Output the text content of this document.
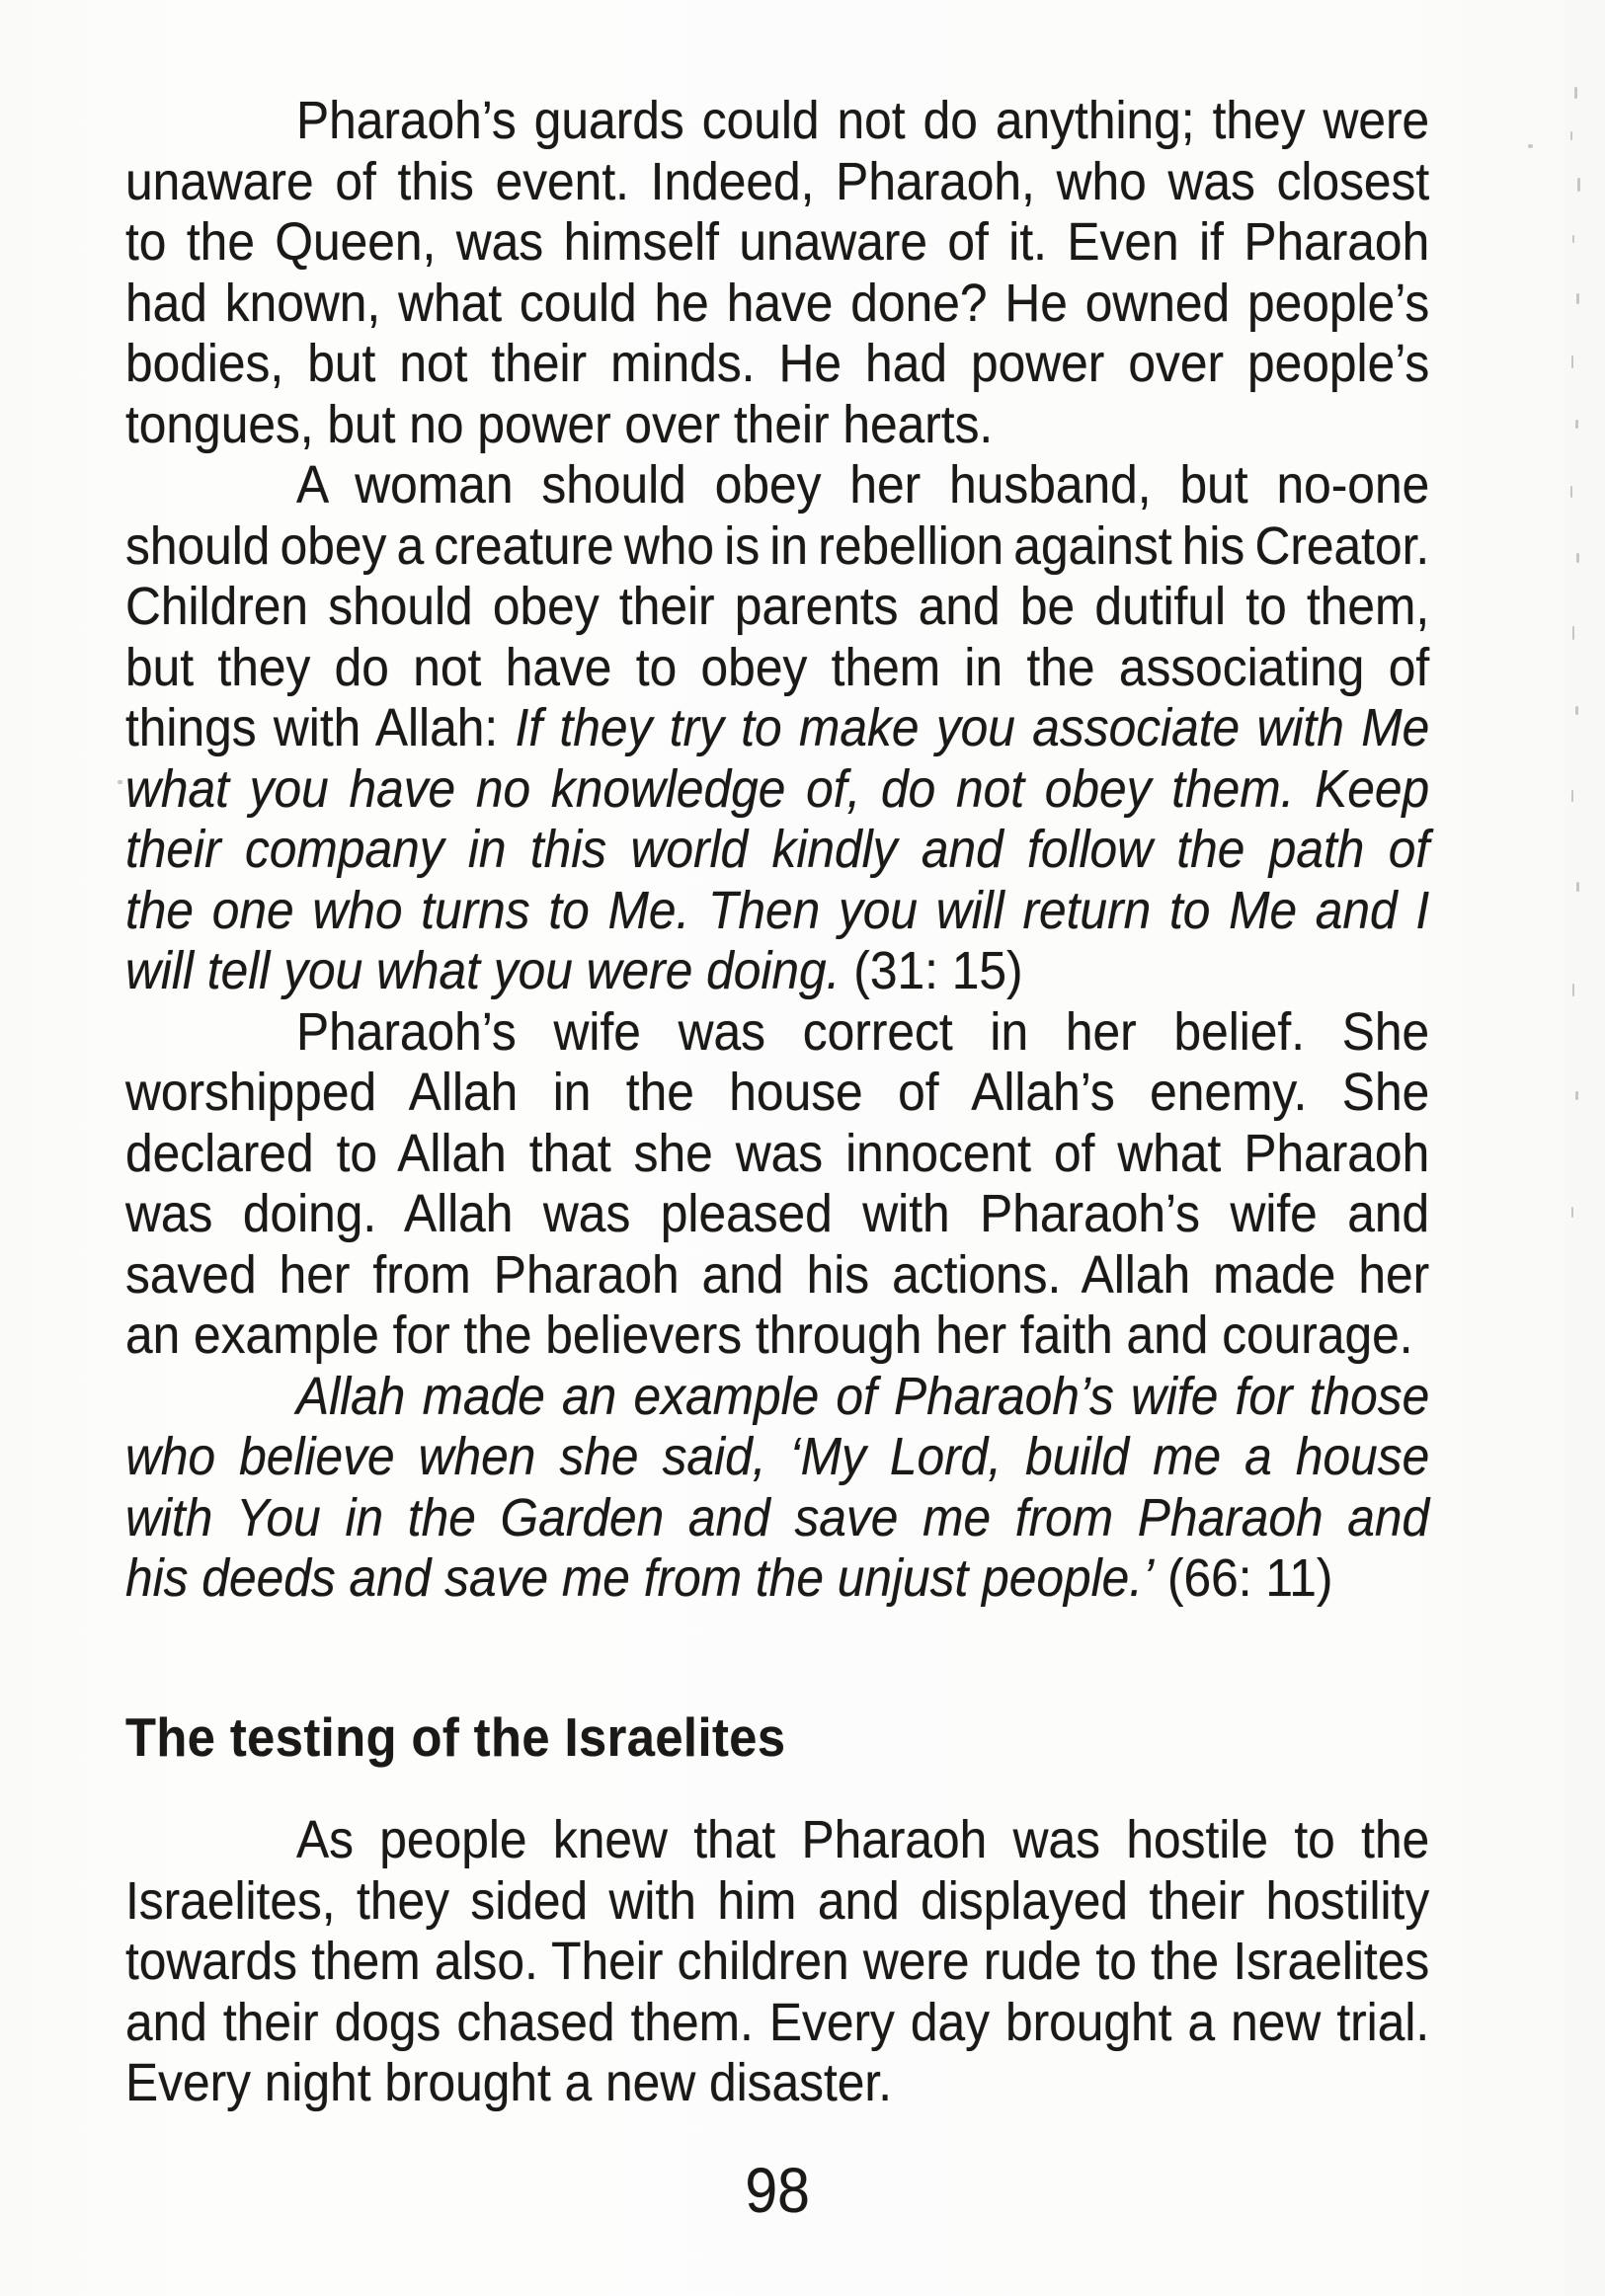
Pharaoh’s guards could not do anything; they were
unaware of this event. Indeed, Pharaoh, who was closest
to the Queen, was himself unaware of it. Even if Pharaoh
had known, what could he have done? He owned people’s
bodies, but not their minds. He had power over people’s
tongues, but no power over their hearts.
A woman should obey her husband, but no-one
should obey a creature who is in rebellion against his Creator.
Children should obey their parents and be dutiful to them,
but they do not have to obey them in the associating of
things with Allah: If they try to make you associate with Me
what you have no knowledge of, do not obey them. Keep
their company in this world kindly and follow the path of
the one who turns to Me. Then you will return to Me and I
will tell you what you were doing. (31: 15)
Pharaoh’s wife was correct in her belief. She
worshipped Allah in the house of Allah’s enemy. She
declared to Allah that she was innocent of what Pharaoh
was doing. Allah was pleased with Pharaoh’s wife and
saved her from Pharaoh and his actions. Allah made her
an example for the believers through her faith and courage.
Allah made an example of Pharaoh’s wife for those
who believe when she said, ‘My Lord, build me a house
with You in the Garden and save me from Pharaoh and
his deeds and save me from the unjust people.’ (66: 11)
The testing of the Israelites
As people knew that Pharaoh was hostile to the
Israelites, they sided with him and displayed their hostility
towards them also. Their children were rude to the Israelites
and their dogs chased them. Every day brought a new trial.
Every night brought a new disaster.
98
